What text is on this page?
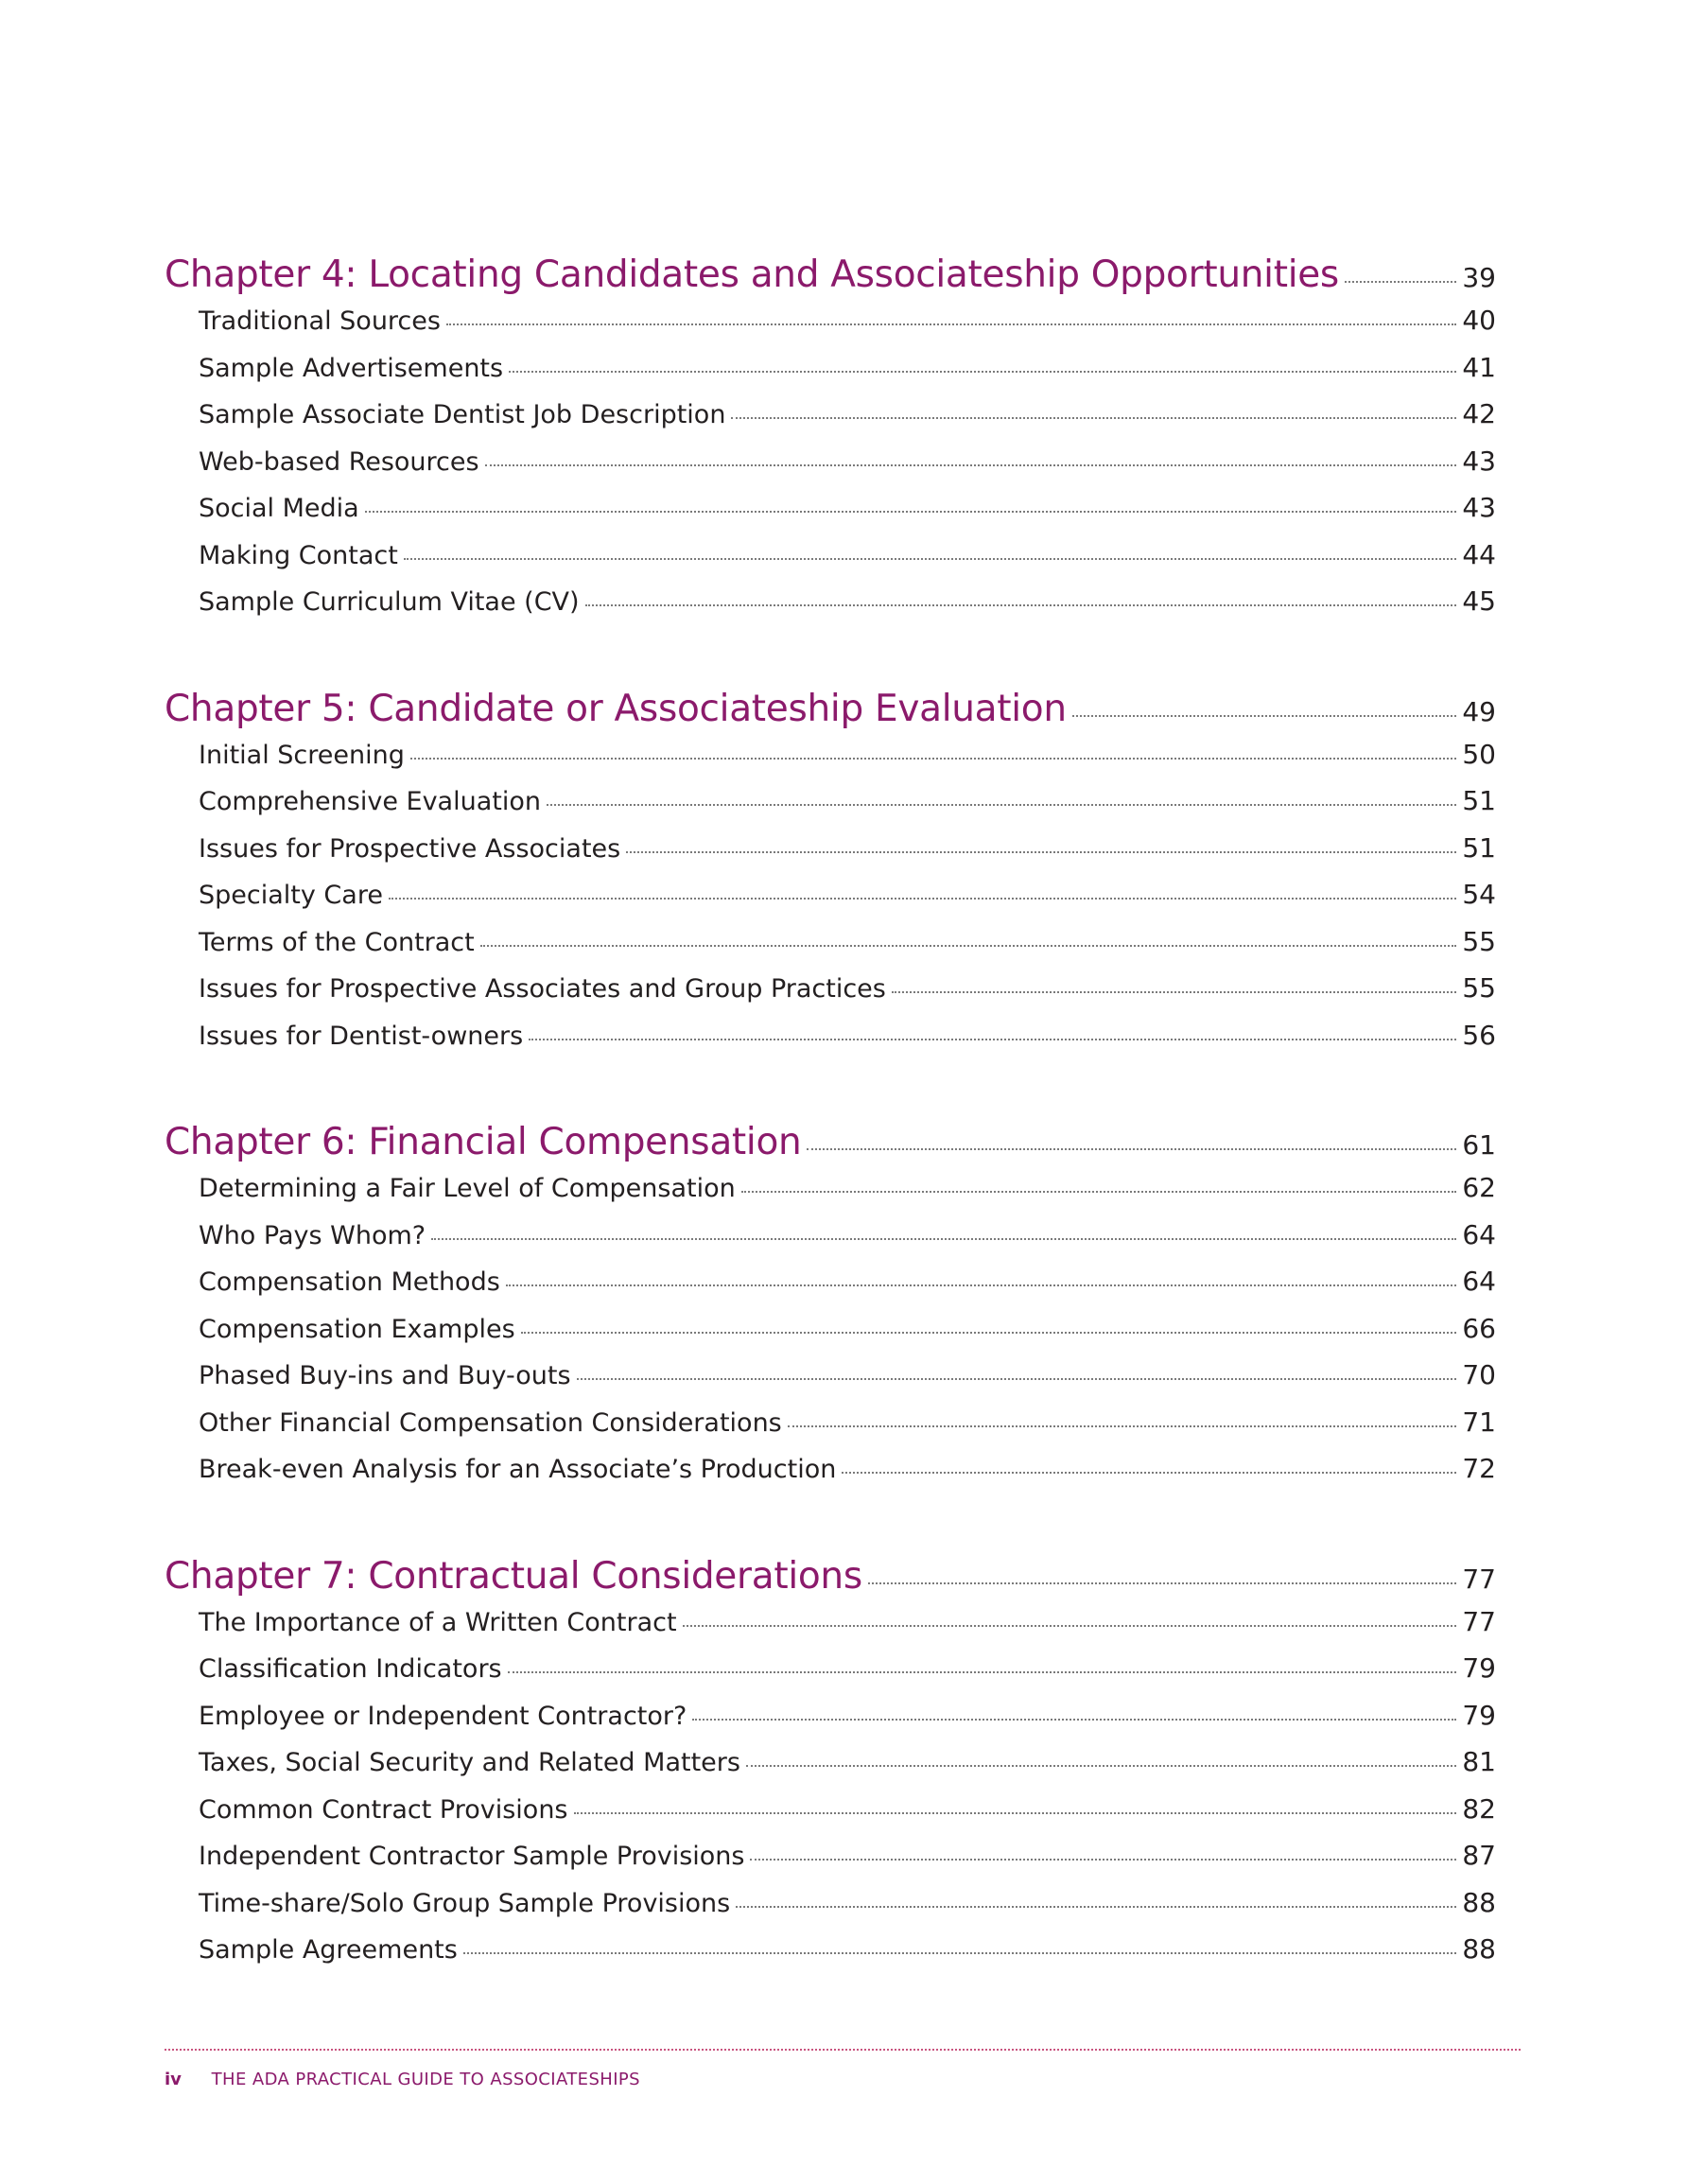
Chapter 4: Locating Candidates and Associateship Opportunities	39
Traditional Sources	40
Sample Advertisements	41
Sample Associate Dentist Job Description	42
Web-based Resources	43
Social Media	43
Making Contact	44
Sample Curriculum Vitae (CV)	45
Chapter 5: Candidate or Associateship Evaluation	49
Initial Screening	50
Comprehensive Evaluation	51
Issues for Prospective Associates	51
Specialty Care	54
Terms of the Contract	55
Issues for Prospective Associates and Group Practices	55
Issues for Dentist-owners	56
Chapter 6: Financial Compensation	61
Determining a Fair Level of Compensation	62
Who Pays Whom?	64
Compensation Methods	64
Compensation Examples	66
Phased Buy-ins and Buy-outs	70
Other Financial Compensation Considerations	71
Break-even Analysis for an Associate’s Production	72
Chapter 7: Contractual Considerations	77
The Importance of a Written Contract	77
Classification Indicators	79
Employee or Independent Contractor?	79
Taxes, Social Security and Related Matters	81
Common Contract Provisions	82
Independent Contractor Sample Provisions	87
Time-share/Solo Group Sample Provisions	88
Sample Agreements	88
iv THE ADA PRACTICAL GUIDE TO ASSOCIATESHIPS
